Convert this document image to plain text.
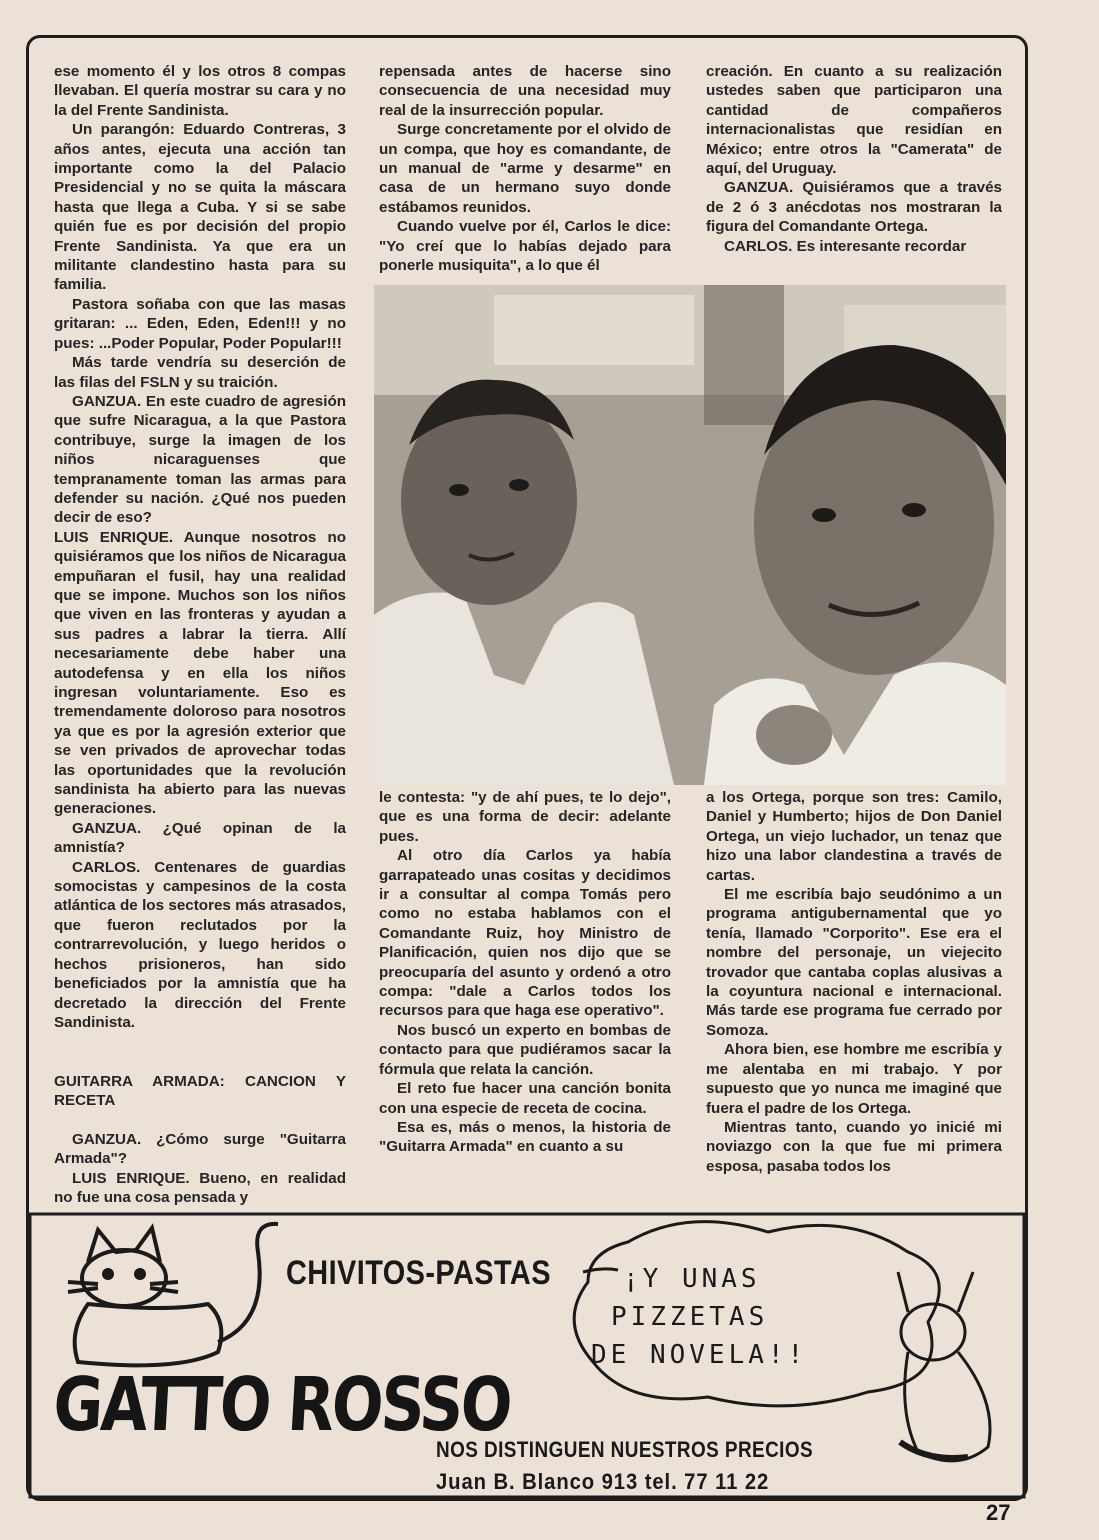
ese momento él y los otros 8 compas llevaban. El quería mostrar su cara y no la del Frente Sandinista.

Un parangón: Eduardo Contreras, 3 años antes, ejecuta una acción tan importante como la del Palacio Presidencial y no se quita la máscara hasta que llega a Cuba. Y si se sabe quién fue es por decisión del propio Frente Sandinista. Ya que era un militante clandestino hasta para su familia.

Pastora soñaba con que las masas gritaran: ... Eden, Eden, Eden!!! y no pues: ...Poder Popular, Poder Popular!!!

Más tarde vendría su deserción de las filas del FSLN y su traición.

GANZUA. En este cuadro de agresión que sufre Nicaragua, a la que Pastora contribuye, surge la imagen de los niños nicaraguenses que tempranamente toman las armas para defender su nación. ¿Qué nos pueden decir de eso?

LUIS ENRIQUE. Aunque nosotros no quisiéramos que los niños de Nicaragua empuñaran el fusil, hay una realidad que se impone. Muchos son los niños que viven en las fronteras y ayudan a sus padres a labrar la tierra. Allí necesariamente debe haber una autodefensa y en ella los niños ingresan voluntariamente. Eso es tremendamente doloroso para nosotros ya que es por la agresión exterior que se ven privados de aprovechar todas las oportunidades que la revolución sandinista ha abierto para las nuevas generaciones.

GANZUA. ¿Qué opinan de la amnistía?

CARLOS. Centenares de guardias somocistas y campesinos de la costa atlántica de los sectores más atrasados, que fueron reclutados por la contrarrevolución, y luego heridos o hechos prisioneros, han sido beneficiados por la amnistía que ha decretado la dirección del Frente Sandinista.

GUITARRA ARMADA: CANCION Y RECETA

GANZUA. ¿Cómo surge "Guitarra Armada"?

LUIS ENRIQUE. Bueno, en realidad no fue una cosa pensada y

repensada antes de hacerse sino consecuencia de una necesidad muy real de la insurrección popular.

Surge concretamente por el olvido de un compa, que hoy es comandante, de un manual de "arme y desarme" en casa de un hermano suyo donde estábamos reunidos.

Cuando vuelve por él, Carlos le dice: "Yo creí que lo habías dejado para ponerle musiquita", a lo que él

creación. En cuanto a su realización ustedes saben que participaron una cantidad de compañeros internacionalistas que residían en México; entre otros la "Camerata" de aquí, del Uruguay.

GANZUA. Quisiéramos que a través de 2 ó 3 anécdotas nos mostraran la figura del Comandante Ortega.

CARLOS. Es interesante recordar

le contesta: "y de ahí pues, te lo dejo", que es una forma de decir: adelante pues.

Al otro día Carlos ya había garrapateado unas cositas y decidimos ir a consultar al compa Tomás pero como no estaba hablamos con el Comandante Ruiz, hoy Ministro de Planificación, quien nos dijo que se preocuparía del asunto y ordenó a otro compa: "dale a Carlos todos los recursos para que haga ese operativo".

Nos buscó un experto en bombas de contacto para que pudiéramos sacar la fórmula que relata la canción.

El reto fue hacer una canción bonita con una especie de receta de cocina.

Esa es, más o menos, la historia de "Guitarra Armada" en cuanto a su

a los Ortega, porque son tres: Camilo, Daniel y Humberto; hijos de Don Daniel Ortega, un viejo luchador, un tenaz que hizo una labor clandestina a través de cartas.

El me escribía bajo seudónimo a un programa antigubernamental que yo tenía, llamado "Corporito". Ese era el nombre del personaje, un viejecito trovador que cantaba coplas alusivas a la coyuntura nacional e internacional. Más tarde ese programa fue cerrado por Somoza.

Ahora bien, ese hombre me escribía y me alentaba en mi trabajo. Y por supuesto que yo nunca me imaginé que fuera el padre de los Ortega.

Mientras tanto, cuando yo inicié mi noviazgo con la que fue mi primera esposa, pasaba todos los

CHIVITOS-PASTAS	¡Y UNAS
PIZZETAS
DE NOVELA!!
GATTO ROSSO
NOS DISTINGUEN NUESTROS PRECIOS
Juan B. Blanco 913 tel. 77 11 22
27
